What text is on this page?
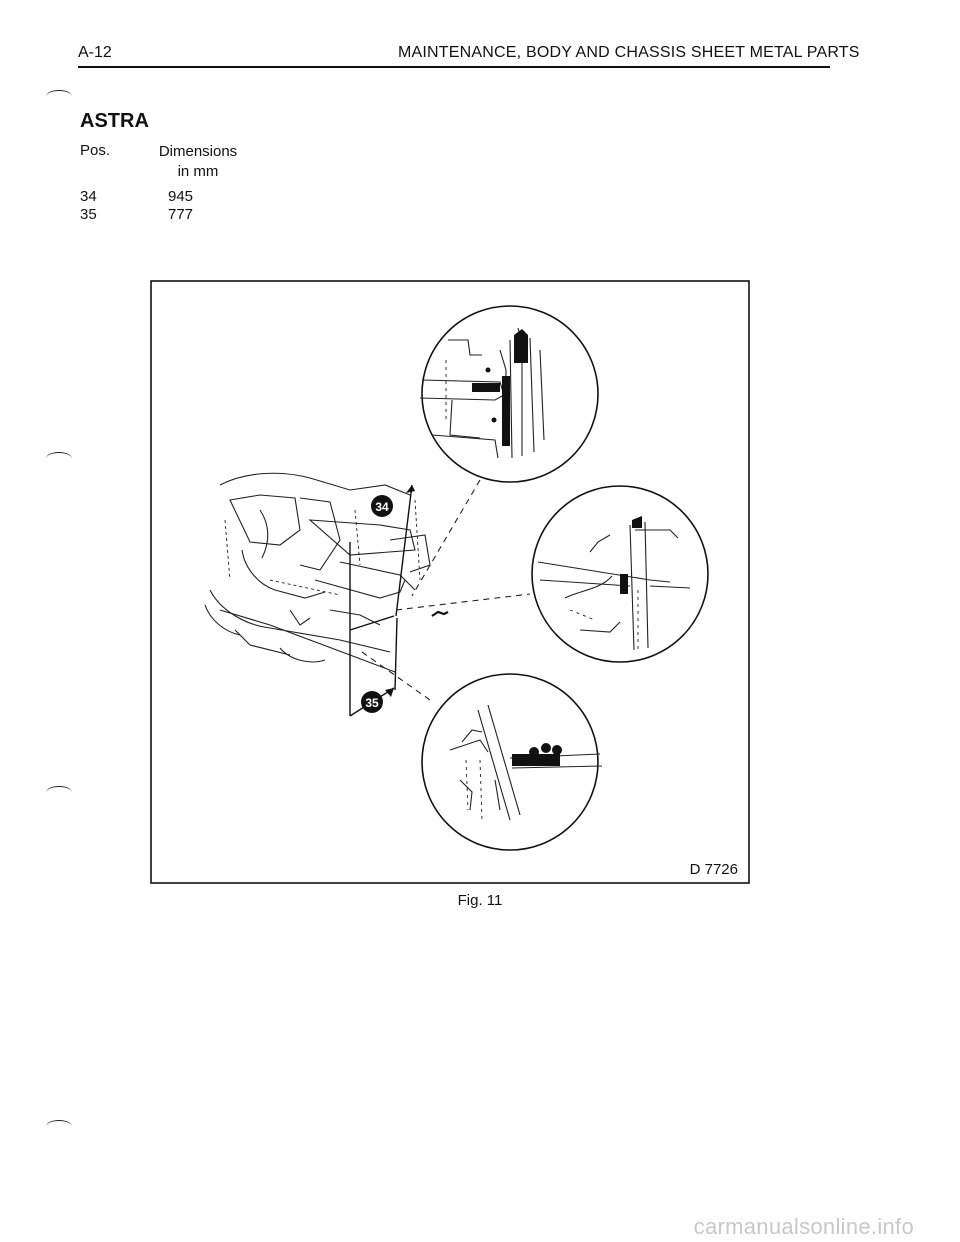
A-12	MAINTENANCE, BODY AND CHASSIS SHEET METAL PARTS
ASTRA
Pos.	Dimensions
in mm
34	945
35	777
34
35
D 7726
Fig. 11
carmanualsonline.info
